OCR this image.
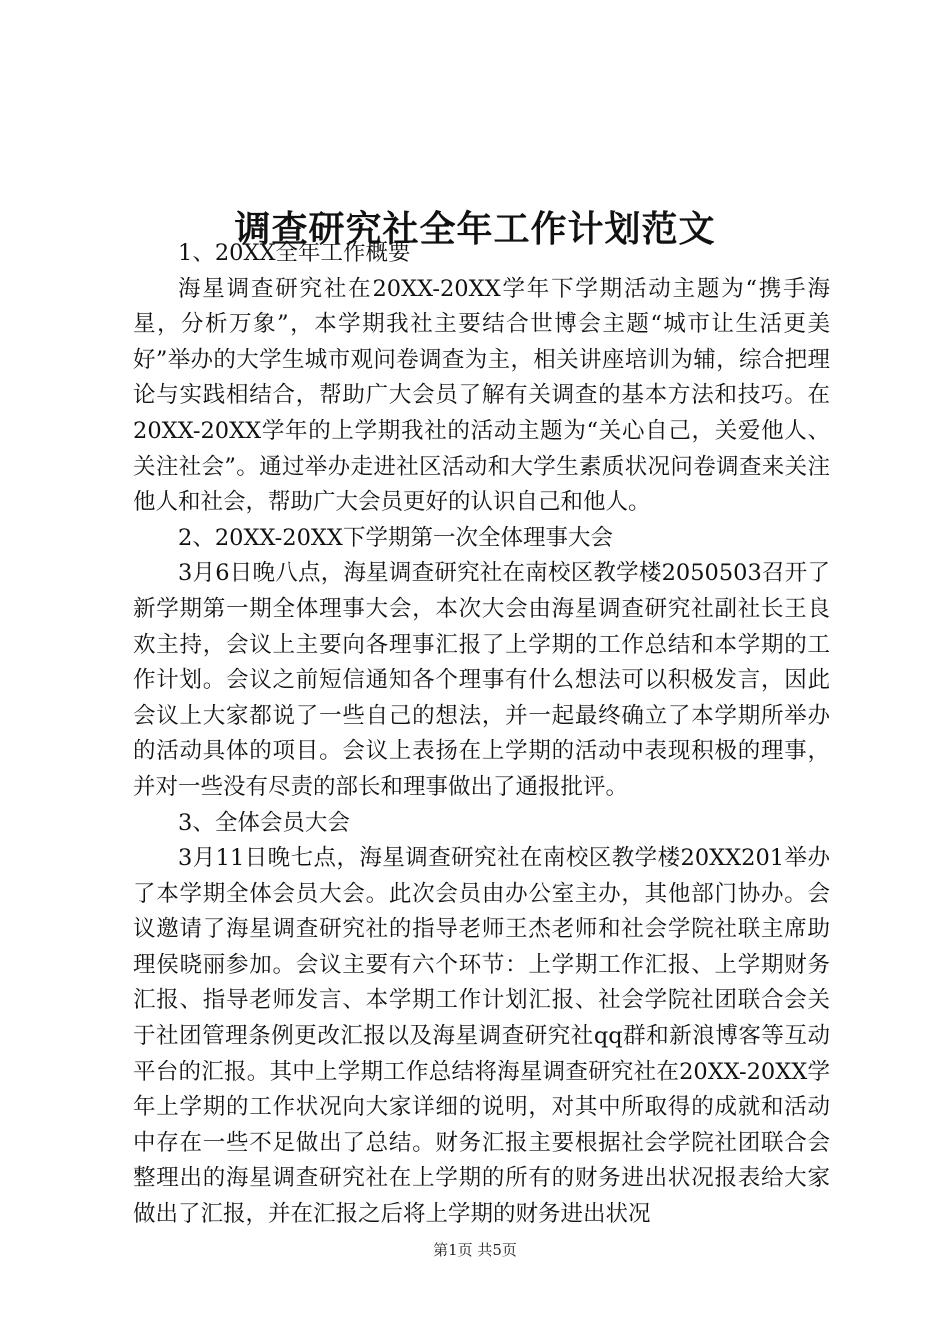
调查研究社全年工作计划范文

1、20XX全年工作概要

海星调查研究社在20XX-20XX学年下学期活动主题为“携手海星，分析万象”，本学期我社主要结合世博会主题“城市让生活更美好”举办的大学生城市观问卷调查为主，相关讲座培训为辅，综合把理论与实践相结合，帮助广大会员了解有关调查的基本方法和技巧。在20XX-20XX学年的上学期我社的活动主题为“关心自己，关爱他人、关注社会”。通过举办走进社区活动和大学生素质状况问卷调查来关注他人和社会，帮助广大会员更好的认识自己和他人。

2、20XX-20XX下学期第一次全体理事大会

3月6日晚八点，海星调查研究社在南校区教学楼2050503召开了新学期第一期全体理事大会，本次大会由海星调查研究社副社长王良欢主持，会议上主要向各理事汇报了上学期的工作总结和本学期的工作计划。会议之前短信通知各个理事有什么想法可以积极发言，因此会议上大家都说了一些自己的想法，并一起最终确立了本学期所举办的活动具体的项目。会议上表扬在上学期的活动中表现积极的理事，并对一些没有尽责的部长和理事做出了通报批评。

3、全体会员大会

3月11日晚七点，海星调查研究社在南校区教学楼20XX201举办了本学期全体会员大会。此次会员由办公室主办，其他部门协办。会议邀请了海星调查研究社的指导老师王杰老师和社会学院社联主席助理侯晓丽参加。会议主要有六个环节：上学期工作汇报、上学期财务汇报、指导老师发言、本学期工作计划汇报、社会学院社团联合会关于社团管理条例更改汇报以及海星调查研究社qq群和新浪博客等互动平台的汇报。其中上学期工作总结将海星调查研究社在20XX-20XX学年上学期的工作状况向大家详细的说明，对其中所取得的成就和活动中存在一些不足做出了总结。财务汇报主要根据社会学院社团联合会整理出的海星调查研究社在上学期的所有的财务进出状况报表给大家做出了汇报，并在汇报之后将上学期的财务进出状况

第1页 共5页
